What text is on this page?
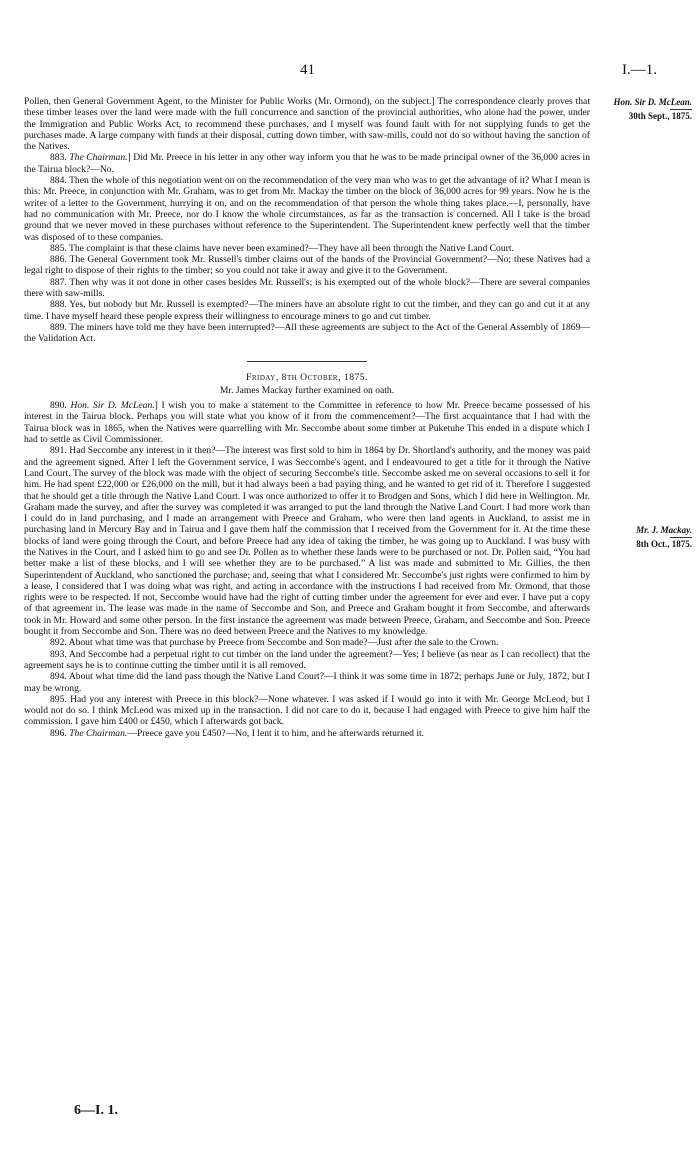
41	I.—1.
Hon. Sir D. McLean.
30th Sept., 1875.
Mr. J. Mackay.
8th Oct., 1875.

Pollen, then General Government Agent, to the Minister for Public Works (Mr. Ormond), on the subject.] The correspondence clearly proves that these timber leases over the land were made with the full concurrence and sanction of the provincial authorities, who alone had the power, under the Immigration and Public Works Act, to recommend these purchases, and I myself was found fault with for not supplying funds to get the purchases made. A large company with funds at their disposal, cutting down timber, with saw-mills, could not do so without having the sanction of the Natives.

883. The Chairman.] Did Mr. Preece in his letter in any other way inform you that he was to be made principal owner of the 36,000 acres in the Tairua block?—No.

884. Then the whole of this negotiation went on on the recommendation of the very man who was to get the advantage of it? What I mean is this: Mr. Preece, in conjunction with Mr. Graham, was to get from Mr. Mackay the timber on the block of 36,000 acres for 99 years. Now he is the writer of a letter to the Government, hurrying it on, and on the recommendation of that person the whole thing takes place.—I, personally, have had no communication with Mr. Preece, nor do I know the whole circumstances, as far as the transaction is concerned. All I take is the broad ground that we never moved in these purchases without reference to the Superintendent. The Superintendent knew perfectly well that the timber was disposed of to these companies.

885. The complaint is that these claims have never been examined?—They have all been through the Native Land Court.

886. The General Government took Mr. Russell's timber claims out of the hands of the Provincial Government?—No; these Natives had a legal right to dispose of their rights to the timber; so you could not take it away and give it to the Government.

887. Then why was it not done in other cases besides Mr. Russell's; is his exempted out of the whole block?—There are several companies there with saw-mills.

888. Yes, but nobody but Mr. Russell is exempted?—The miners have an absolute right to cut the timber, and they can go and cut it at any time. I have myself heard these people express their willingness to encourage miners to go and cut timber.

889. The miners have told me they have been interrupted?—All these agreements are subject to the Act of the General Assembly of 1869—the Validation Act.

Friday, 8th October, 1875.

Mr. James Mackay further examined on oath.

890. Hon. Sir D. McLean.] I wish you to make a statement to the Committee in reference to how Mr. Preece became possessed of his interest in the Tairua block. Perhaps you will state what you know of it from the commencement?—The first acquaintance that I had with the Tairua block was in 1865, when the Natives were quarrelling with Mr. Seccombe about some timber at Puketuhe This ended in a dispute which I had to settle as Civil Commissioner.

891. Had Seccombe any interest in it then?—The interest was first sold to him in 1864 by Dr. Shortland's authority, and the money was paid and the agreement signed. After I left the Government service, I was Seccombe's agent, and I endeavoured to get a title for it through the Native Land Court. The survey of the block was made with the object of securing Seccombe's title. Seccombe asked me on several occasions to sell it for him. He had spent £22,000 or £26,000 on the mill, but it had always been a bad paying thing, and he wanted to get rid of it. Therefore I suggested that he should get a title through the Native Land Court. I was once authorized to offer it to Brodgen and Sons, which I did here in Wellington. Mr. Graham made the survey, and after the survey was completed it was arranged to put the land through the Native Land Court. I had more work than I could do in land purchasing, and I made an arrangement with Preece and Graham, who were then land agents in Auckland, to assist me in purchasing land in Mercury Bay and in Tairua and I gave them half the commission that I received from the Government for it. At the time these blocks of land were going through the Court, and before Preece had any idea of taking the timber, he was going up to Auckland. I was busy with the Natives in the Court, and I asked him to go and see Dr. Pollen as to whether these lands were to be purchased or not. Dr. Pollen said, “You had better make a list of these blocks, and I will see whether they are to be purchased.” A list was made and submitted to Mr. Gillies, the then Superintendent of Auckland, who sanctioned the purchase; and, seeing that what I considered Mr. Seccombe's just rights were confirmed to him by a lease, I considered that I was doing what was right, and acting in accordance with the instructions I had received from Mr. Ormond, that those rights were to be respected. If not, Seccombe would have had the right of cutting timber under the agreement for ever and ever. I have put a copy of that agreement in. The lease was made in the name of Seccombe and Son, and Preece and Graham bought it from Seccombe, and afterwards took in Mr. Howard and some other person. In the first instance the agreement was made between Preece, Graham, and Seccombe and Son. Preece bought it from Seccombe and Son. There was no deed between Preece and the Natives to my knowledge.

892. About what time was that purchase by Preece from Seccombe and Son made?—Just after the sale to the Crown.

893. And Seccombe had a perpetual right to cut timber on the land under the agreement?—Yes; I believe (as near as I can recollect) that the agreement says he is to continue cutting the timber until it is all removed.

894. About what time did the land pass though the Native Land Court?—I think it was some time in 1872; perhaps June or July, 1872, but I may be wrong.

895. Had you any interest with Preece in this block?—None whatever. I was asked if I would go into it with Mr. George McLeod, but I would not do so. I think McLeod was mixed up in the transaction. I did not care to do it, because I had engaged with Preece to give him half the commission. I gave him £400 or £450, which I afterwards got back.

896. The Chairman.—Preece gave you £450?—No, I lent it to him, and he afterwards returned it.

6—I. 1.
